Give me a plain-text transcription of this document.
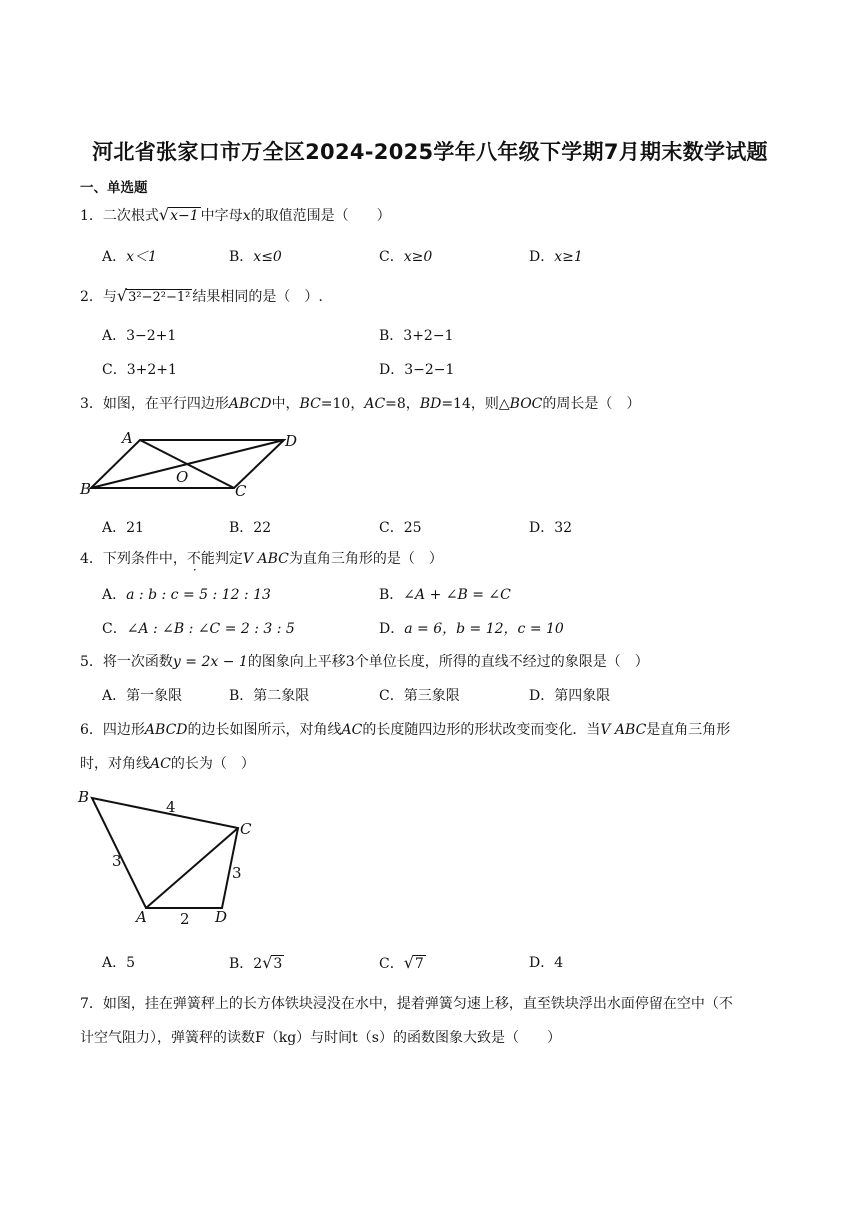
河北省张家口市万全区2024-2025学年八年级下学期7月期末数学试题
一、单选题
1．二次根式√x−1 中字母x的取值范围是（　　）
A．x＜1	B．x≤0	C．x≥0	D．x≥1
2．与√3²−2²−1² 结果相同的是（　）.
A．3−2+1	B．3+2−1
C．3+2+1	D．3−2−1
3．如图，在平行四边形ABCD中，BC=10，AC=8，BD=14，则△BOC的周长是（　）
A	D
B	C
O
A．21	B．22	C．25	D．32
4．下列条件中，不能判定V ABC为直角三角形的是（　）
A．a : b : c = 5 : 12 : 13	B．∠A + ∠B = ∠C
C．∠A : ∠B : ∠C = 2 : 3 : 5	D．a = 6，b = 12，c = 10
5．将一次函数y = 2x − 1的图象向上平移3个单位长度，所得的直线不经过的象限是（　）
A．第一象限	B．第二象限	C．第三象限	D．第四象限
6．四边形ABCD的边长如图所示，对角线AC的长度随四边形的形状改变而变化．当V ABC是直角三角形
时，对角线AC的长为（　）
B
C
A	D
4
3
3
2
A．5	B．2√3	C．√7	D．4
7．如图，挂在弹簧秤上的长方体铁块浸没在水中，提着弹簧匀速上移，直至铁块浮出水面停留在空中（不
计空气阻力），弹簧秤的读数F（kg）与时间t（s）的函数图象大致是（　　）
